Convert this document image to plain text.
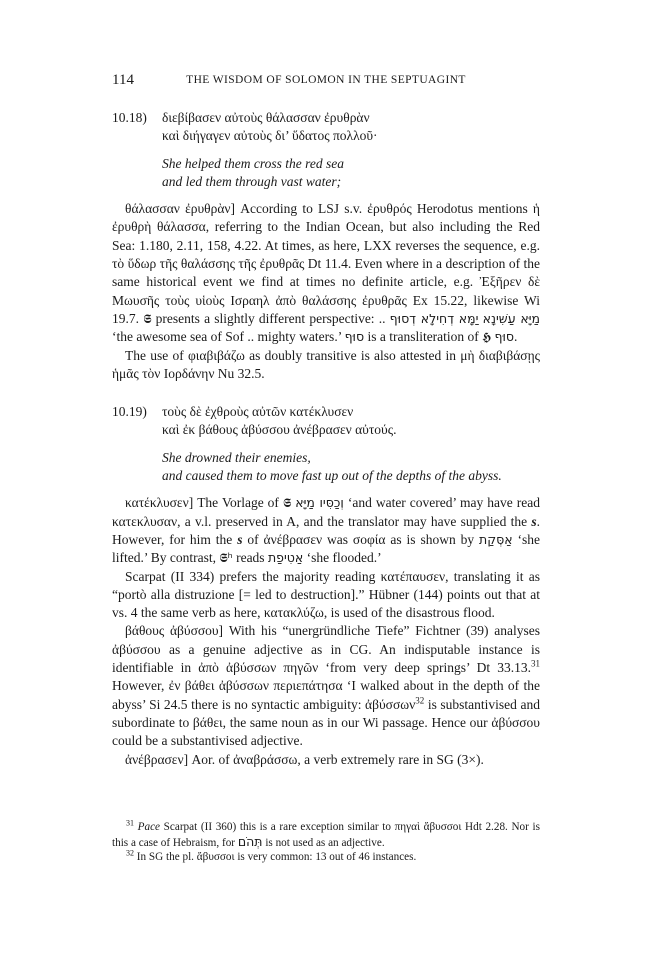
114	THE WISDOM OF SOLOMON IN THE SEPTUAGINT
10.18)	διεβίβασεν αὐτοὺς θάλασσαν ἐρυθρὰν
καὶ διήγαγεν αὐτοὺς δι’ ὕδατος πολλοῦ·
She helped them cross the red sea
and led them through vast water;

θάλασσαν ἐρυθρὰν] According to LSJ s.v. ἐρυθρός Herodotus mentions ἡ ἐρυθρὴ θάλασσα, referring to the Indian Ocean, but also including the Red Sea: 1.180, 2.11, 158, 4.22. At times, as here, LXX reverses the sequence, e.g. τὸ ὕδωρ τῆς θαλάσσης τῆς ἐρυθρᾶς Dt 11.4. Even where in a description of the same historical event we find at times no definite article, e.g. Ἐξῆρεν δὲ Μωυσῆς τοὺς υἱοὺς Ισραηλ ἀπὸ θαλάσσης ἐρυθρᾶς Ex 15.22, likewise Wi 19.7. 𝕾 presents a slightly different perspective: .. יַמָּא דְחִילָא דְסוּף מַיָּא עַשִּׁינָא ‘the awesome sea of Sof .. mighty waters.’ סוּף is a transliteration of 𝕳 סוּף.

The use of φιαβιβάζω as doubly transitive is also attested in μὴ διαβιβάσῃς ἡμᾶς τὸν Ιορδάνην Nu 32.5.

10.19)	τοὺς δὲ ἐχθροὺς αὐτῶν κατέκλυσεν
καὶ ἐκ βάθους ἀβύσσου ἀνέβρασεν αὐτούς.
She drowned their enemies,
and caused them to move fast up out of the depths of the abyss.

κατέκλυσεν] The Vorlage of 𝕾 וְכַסִּיו מַיָּא ‘and water covered’ may have read κατεκλυσαν, a v.l. preserved in A, and the translator may have supplied the s. However, for him the s of ἀνέβρασεν was σοφία as is shown by אַסְּקַת ‘she lifted.’ By contrast, 𝕾ʰ reads אַטִיפַת ‘she flooded.’

Scarpat (II 334) prefers the majority reading κατέπαυσεν, translating it as “portò alla distruzione [= led to destruction].” Hübner (144) points out that at vs. 4 the same verb as here, κατακλύζω, is used of the disastrous flood.

βάθους ἀβύσσου] With his “unergründliche Tiefe” Fichtner (39) analyses ἀβύσσου as a genuine adjective as in CG. An indisputable instance is identifiable in ἀπὸ ἀβύσσων πηγῶν ‘from very deep springs’ Dt 33.13.31 However, ἐν βάθει ἀβύσσων περιεπάτησα ‘I walked about in the depth of the abyss’ Si 24.5 there is no syntactic ambiguity: ἀβύσσων$^{32}$ is substantivised and subordinate to βάθει, the same noun as in our Wi passage. Hence our ἀβύσσου could be a substantivised adjective.

ἀνέβρασεν] Aor. of ἀναβράσσω, a verb extremely rare in SG (3×).

$^{31}$ Pace Scarpat (II 360) this is a rare exception similar to πηγαὶ ἄβυσσοι Hdt 2.28. Nor is this a case of Hebraism, for תְּהֹם is not used as an adjective.

$^{32}$ In SG the pl. ἄβυσσοι is very common: 13 out of 46 instances.
